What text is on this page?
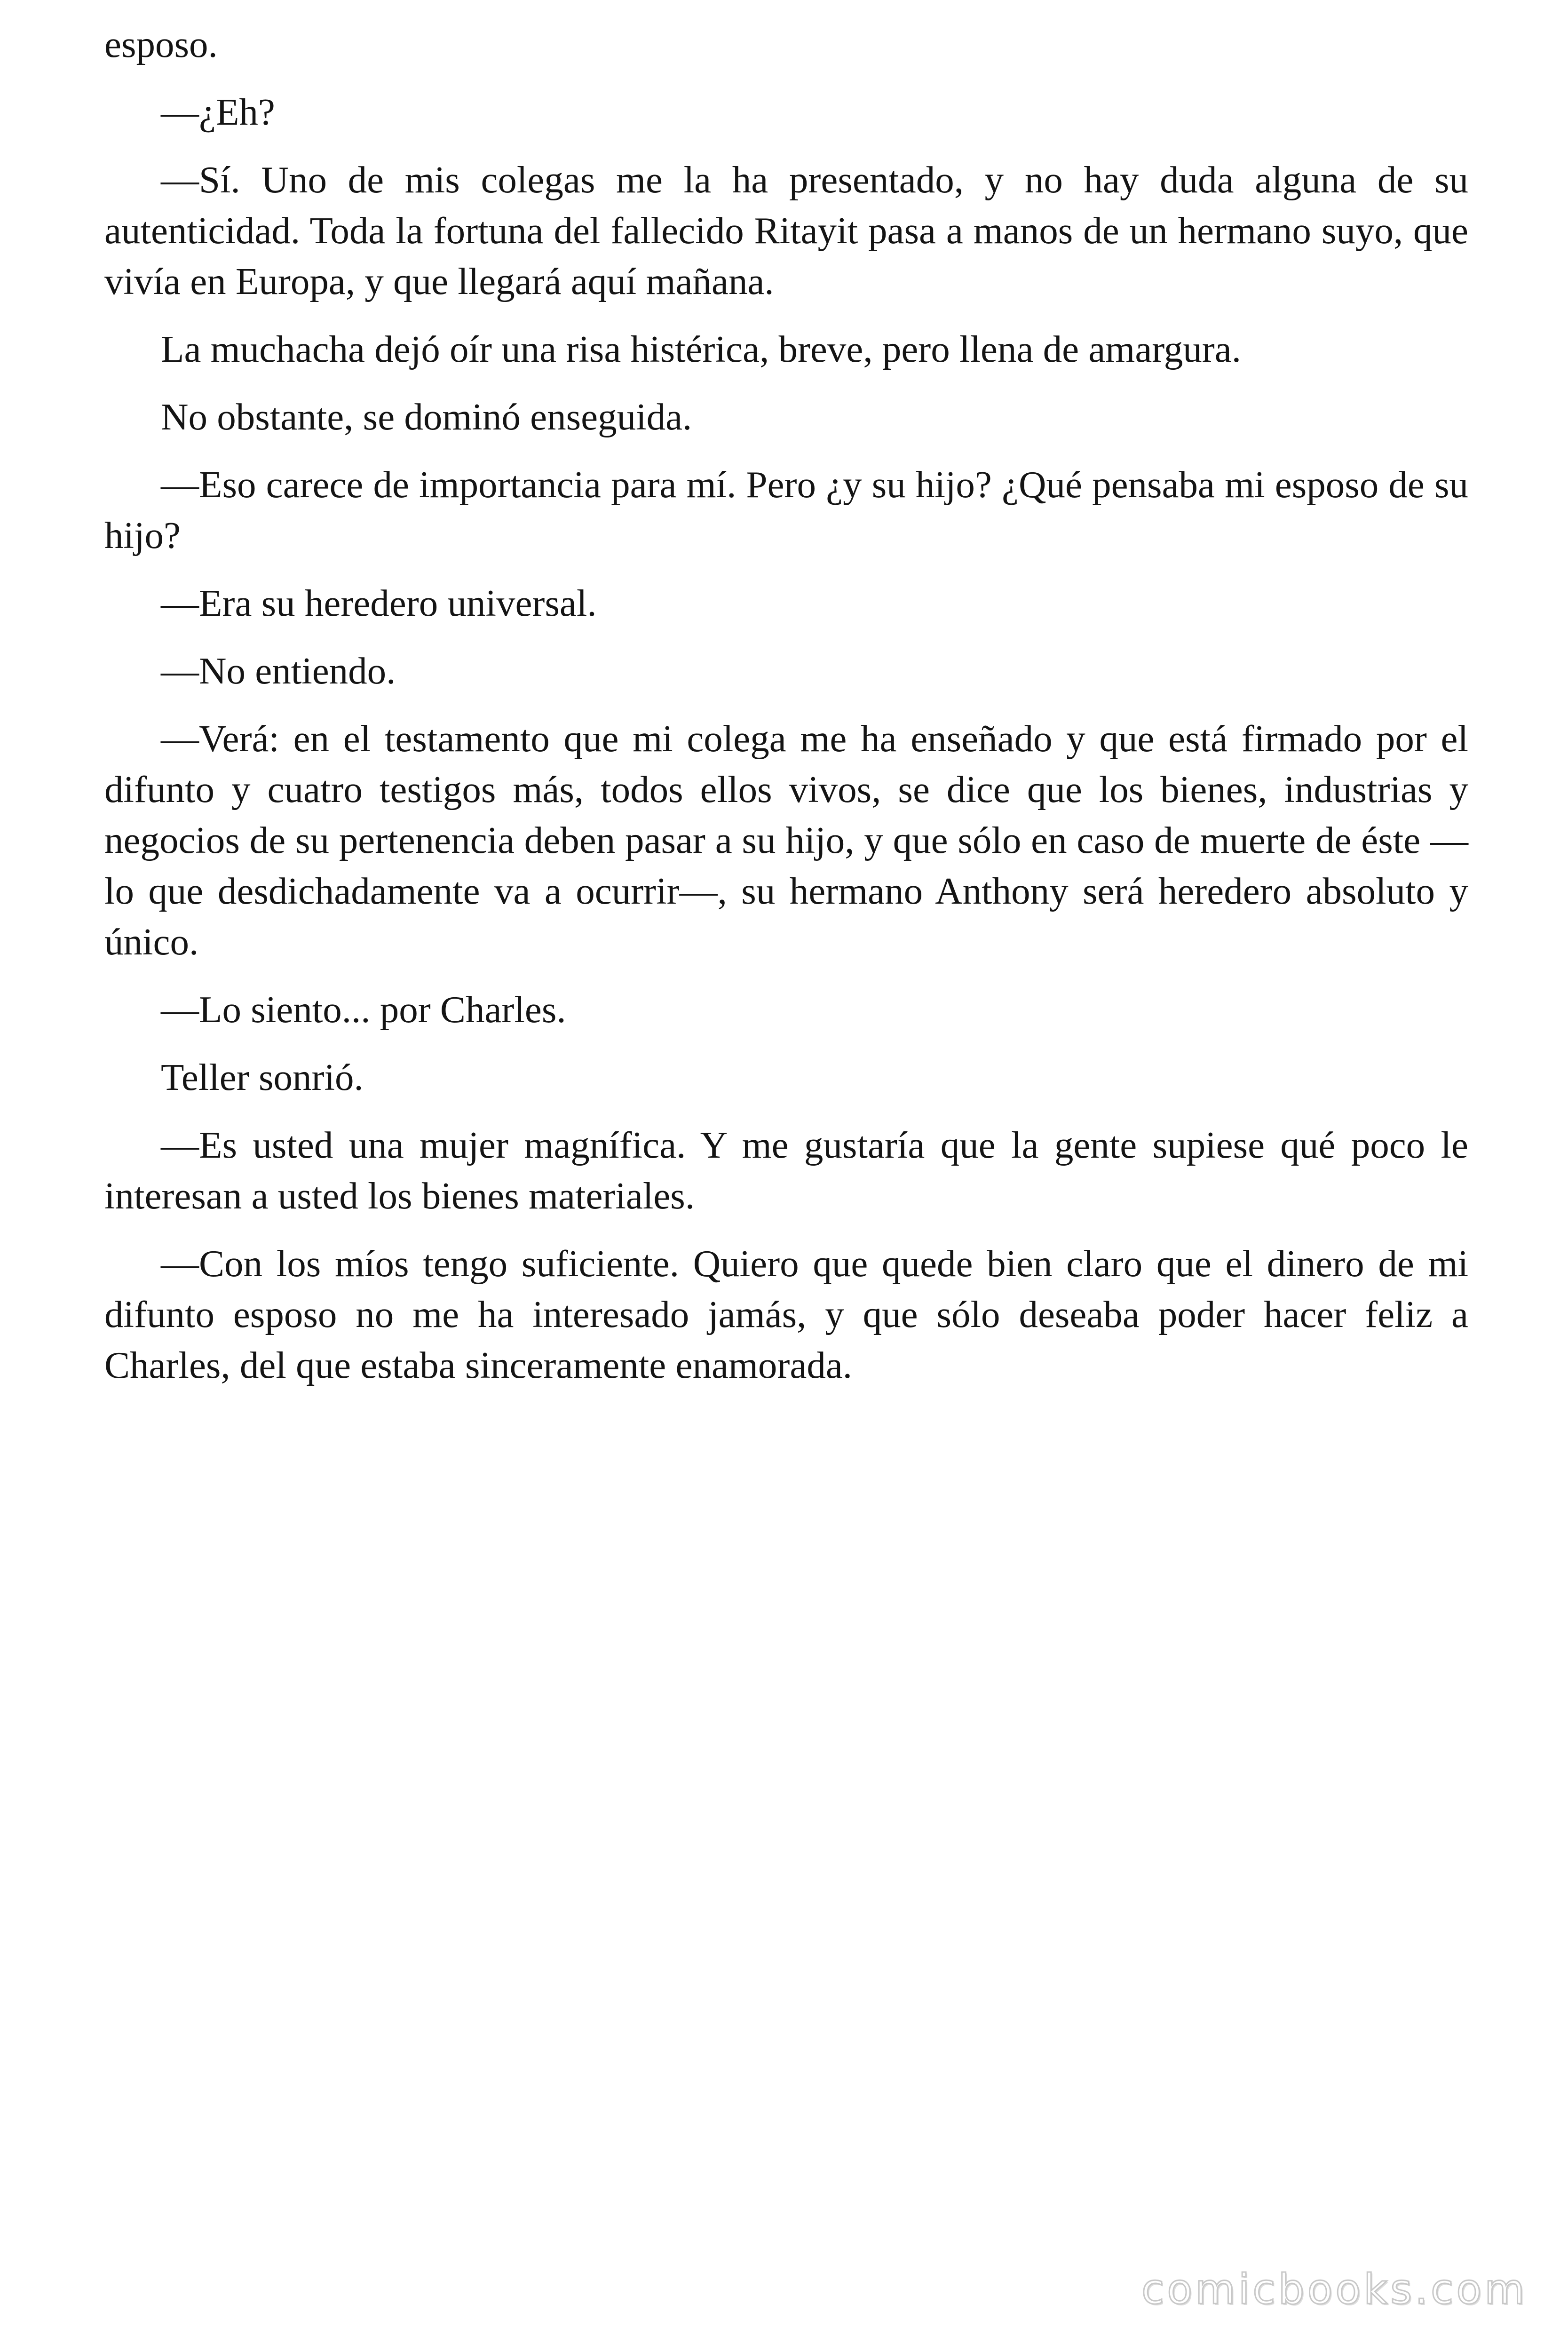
esposo.

—¿Eh?

—Sí. Uno de mis colegas me la ha presentado, y no hay duda alguna de su autenticidad. Toda la fortuna del fallecido Ritayit pasa a manos de un hermano suyo, que vivía en Europa, y que llegará aquí mañana.

La muchacha dejó oír una risa histérica, breve, pero llena de amargura.

No obstante, se dominó enseguida.

—Eso carece de importancia para mí. Pero ¿y su hijo? ¿Qué pensaba mi esposo de su hijo?

—Era su heredero universal.

—No entiendo.

—Verá: en el testamento que mi colega me ha enseñado y que está firmado por el difunto y cuatro testigos más, todos ellos vivos, se dice que los bienes, industrias y negocios de su pertenencia deben pasar a su hijo, y que sólo en caso de muerte de éste —lo que desdichadamente va a ocurrir—, su hermano Anthony será heredero absoluto y único.

—Lo siento... por Charles.

Teller sonrió.

—Es usted una mujer magnífica. Y me gustaría que la gente supiese qué poco le interesan a usted los bienes materiales.

—Con los míos tengo suficiente. Quiero que quede bien claro que el dinero de mi difunto esposo no me ha interesado jamás, y que sólo deseaba poder hacer feliz a Charles, del que estaba sinceramente enamorada.

comicbooks.com
